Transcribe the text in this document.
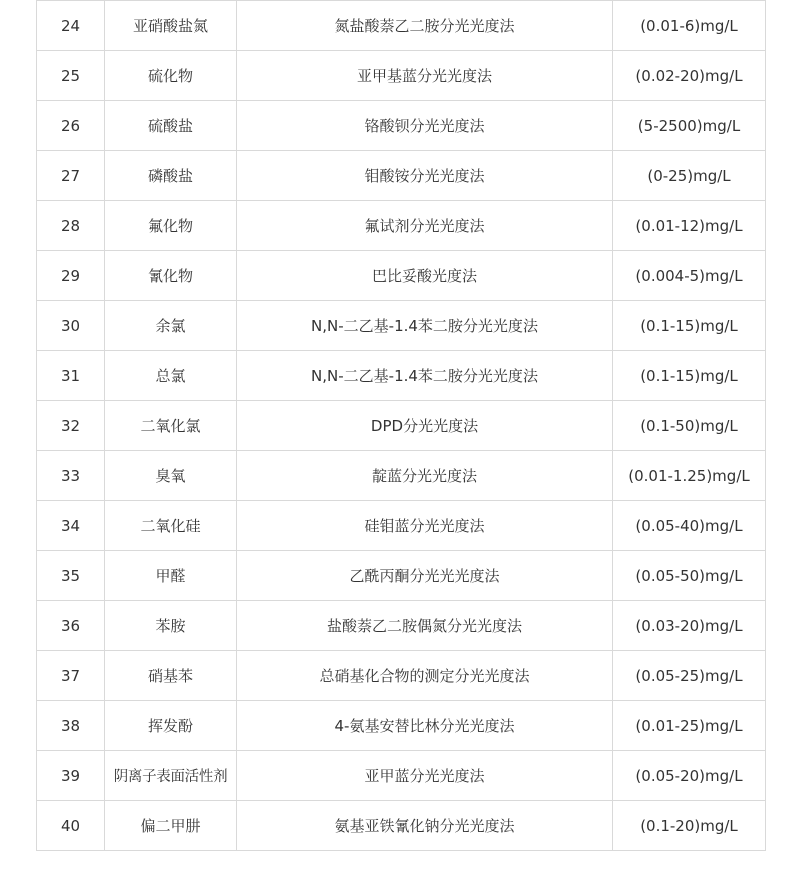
24	亚硝酸盐氮	氮盐酸萘乙二胺分光光度法	(0.01-6)mg/L
25	硫化物	亚甲基蓝分光光度法	(0.02-20)mg/L
26	硫酸盐	铬酸钡分光光度法	(5-2500)mg/L
27	磷酸盐	钼酸铵分光光度法	(0-25)mg/L
28	氟化物	氟试剂分光光度法	(0.01-12)mg/L
29	氰化物	巴比妥酸光度法	(0.004-5)mg/L
30	余氯	N,N-二乙基-1.4苯二胺分光光度法	(0.1-15)mg/L
31	总氯	N,N-二乙基-1.4苯二胺分光光度法	(0.1-15)mg/L
32	二氧化氯	DPD分光光度法	(0.1-50)mg/L
33	臭氧	靛蓝分光光度法	(0.01-1.25)mg/L
34	二氧化硅	硅钼蓝分光光度法	(0.05-40)mg/L
35	甲醛	乙酰丙酮分光光光度法	(0.05-50)mg/L
36	苯胺	盐酸萘乙二胺偶氮分光光度法	(0.03-20)mg/L
37	硝基苯	总硝基化合物的测定分光光度法	(0.05-25)mg/L
38	挥发酚	4-氨基安替比林分光光度法	(0.01-25)mg/L
39	阴离子表面活性剂	亚甲蓝分光光度法	(0.05-20)mg/L
40	偏二甲肼	氨基亚铁氰化钠分光光度法	(0.1-20)mg/L
